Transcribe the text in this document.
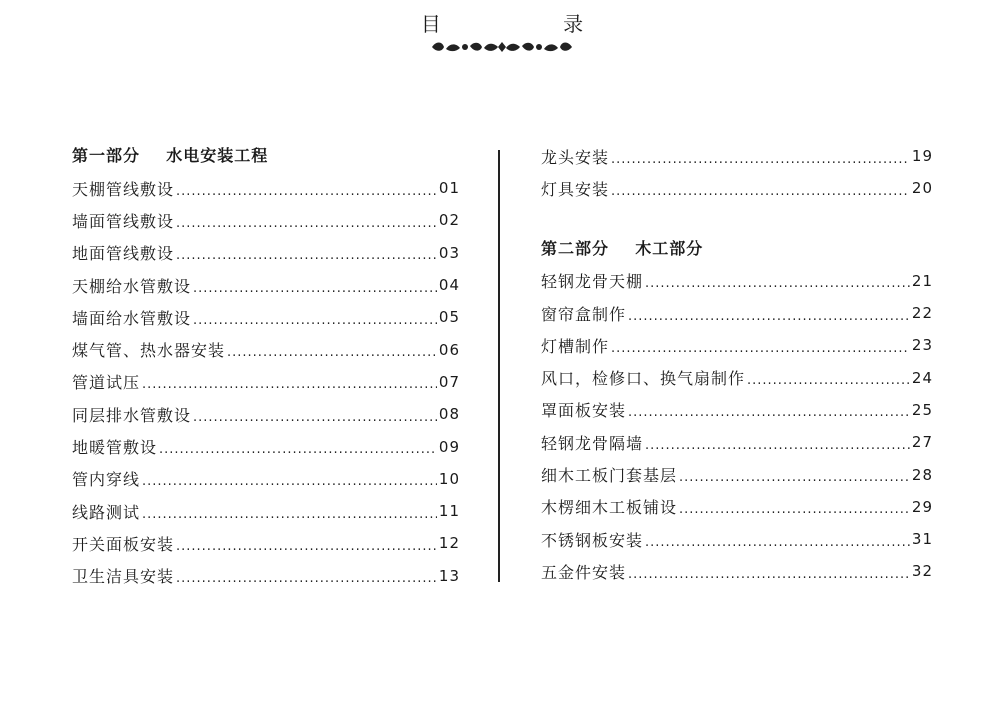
目 录
第一部分    水电安装工程
天棚管线敷设 .....	01
墙面管线敷设 .....	02
地面管线敷设 .....	03
天棚给水管敷设 .....	04
墙面给水管敷设 .....	05
煤气管、热水器安装 .....	06
管道试压 .....	07
同层排水管敷设 .....	08
地暖管敷设 .....	09
管内穿线 .....	10
线路测试 .....	11
开关面板安装 .....	12
卫生洁具安装 .....	13
龙头安装 .....	19
灯具安装 .....	20
第二部分    木工部分
轻钢龙骨天棚 .....	21
窗帘盒制作 .....	22
灯槽制作 .....	23
风口，检修口、换气扇制作 .....	24
罩面板安装 .....	25
轻钢龙骨隔墙 .....	27
细木工板门套基层 .....	28
木楞细木工板铺设 .....	29
不锈钢板安装 .....	31
五金件安装 .....	32
